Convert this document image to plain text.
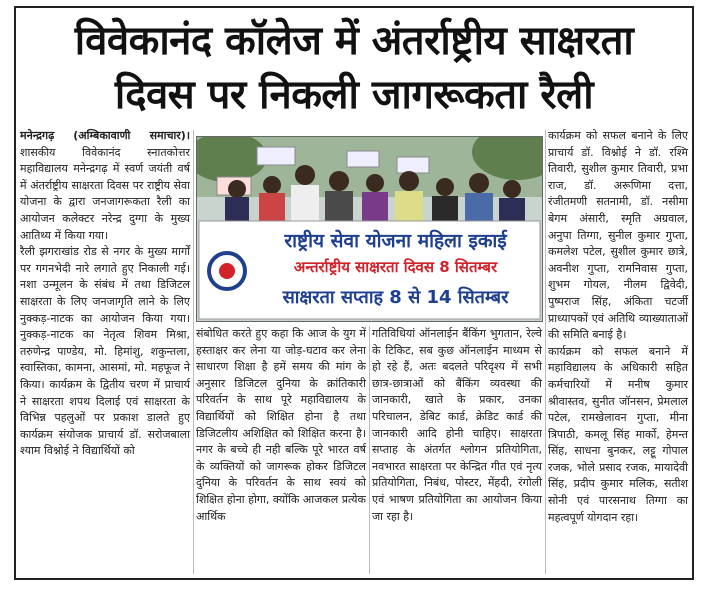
विवेकानंद कॉलेज में अंतर्राष्ट्रीय साक्षरता
दिवस पर निकली जागरूकता रैली

मनेन्द्रगढ़ (अम्बिकावाणी समाचार)। शासकीय विवेकानंद स्नातकोत्तर महाविद्यालय मनेन्द्रगढ़ में स्वर्ण जयंती वर्ष में अंतर्राष्ट्रीय साक्षरता दिवस पर राष्ट्रीय सेवा योजना के द्वारा जनजागरूकता रैली का आयोजन कलेक्टर नरेन्द्र दुग्गा के मुख्य आतिथ्य में किया गया।

रैली झगराखांड रोड से नगर के मुख्य मार्गों पर गगनभेदी नारे लगाते हुए निकाली गई। नशा उन्मूलन के संबंध में तथा डिजिटल साक्षरता के लिए जनजागृति लाने के लिए नुक्कड़-नाटक का आयोजन किया गया। नुक्कड़-नाटक का नेतृत्व शिवम मिश्रा, तरुणेन्द्र पाण्डेय, मो. हिमांशु, शकुन्तला, स्वास्तिका, कामना, आसमां, मो. महफूज ने किया। कार्यक्रम के द्वितीय चरण में प्राचार्य ने साक्षरता शपथ दिलाई एवं साक्षरता के विभिन्न पहलुओं पर प्रकाश डालते हुए कार्यक्रम संयोजक प्राचार्य डॉ. सरोजबाला श्याम विश्नोई ने विद्यार्थियों को

राष्ट्रीय सेवा योजना महिला इकाई
अन्तर्राष्ट्रीय साक्षरता दिवस 8 सितम्बर
साक्षरता सप्ताह 8 से 14 सितम्बर

संबोधित करते हुए कहा कि आज के युग में हस्ताक्षर कर लेना या जोड़-घटाव कर लेना साधारण शिक्षा है हमें समय की मांग के अनुसार डिजिटल दुनिया के क्रांतिकारी परिवर्तन के साथ पूरे महाविद्यालय के विद्यार्थियों को शिक्षित होना है तथा डिजिटलीय अशिक्षित को शिक्षित करना है। नगर के बच्चे ही नही बल्कि पूरे भारत वर्ष के व्यक्तियों को जागरूक होकर डिजिटल दुनिया के परिवर्तन के साथ स्वयं को शिक्षित होना होगा, क्योंकि आजकल प्रत्येक आर्थिक

गतिविधियां ऑनलाईन बैंकिंग भुगतान, रेल्वे के टिकिट, सब कुछ ऑनलाईन माध्यम से हो रहे हैं, अतः बदलते परिदृश्य में सभी छात्र-छात्राओं को बैंकिंग व्यवस्था की जानकारी, खाते के प्रकार, उनका परिचालन, डेबिट कार्ड, क्रेडिट कार्ड की जानकारी आदि होनी चाहिए। साक्षरता सप्ताह के अंतर्गत श्लोगन प्रतियोगिता, नवभारत साक्षरता पर केन्द्रित गीत एवं नृत्य प्रतियोगिता, निबंध, पोस्टर, मेंहदी, रंगोली एवं भाषण प्रतियोगिता का आयोजन किया जा रहा है।

कार्यक्रम को सफल बनाने के लिए प्राचार्य डॉ. विश्नोई ने डॉ. रश्मि तिवारी, सुशील कुमार तिवारी, प्रभा राज, डॉ. अरूणिमा दत्ता, रंजीतमणी सतनामी, डॉ. नसीमा बेगम अंसारी, स्मृति अग्रवाल, अनुपा तिग्गा, सुनील कुमार गुप्ता, कमलेश पटेल, सुशील कुमार छात्रे, अवनीश गुप्ता, रामनिवास गुप्ता, शुभम गोयल, नीलम द्विवेदी, पुष्पराज सिंह, अंकिता चटर्जी प्राध्यापकों एवं अतिथि व्याख्याताओं की समिति बनाई है।

कार्यक्रम को सफल बनाने में महाविद्यालय के अधिकारी सहित कर्मचारियों में मनीष कुमार श्रीवास्तव, सुनीत जॉनसन, प्रेमलाल पटेल, रामखेलावन गुप्ता, मीना त्रिपाठी, कमलू सिंह मार्को, हेमन्त सिंह, साधना बुनकर, लट्टू गोपाल रजक, भोले प्रसाद रजक, मायादेवी सिंह, प्रदीप कुमार मलिक, सतीश सोनी एवं पारसनाथ तिग्गा का महत्वपूर्ण योगदान रहा।
